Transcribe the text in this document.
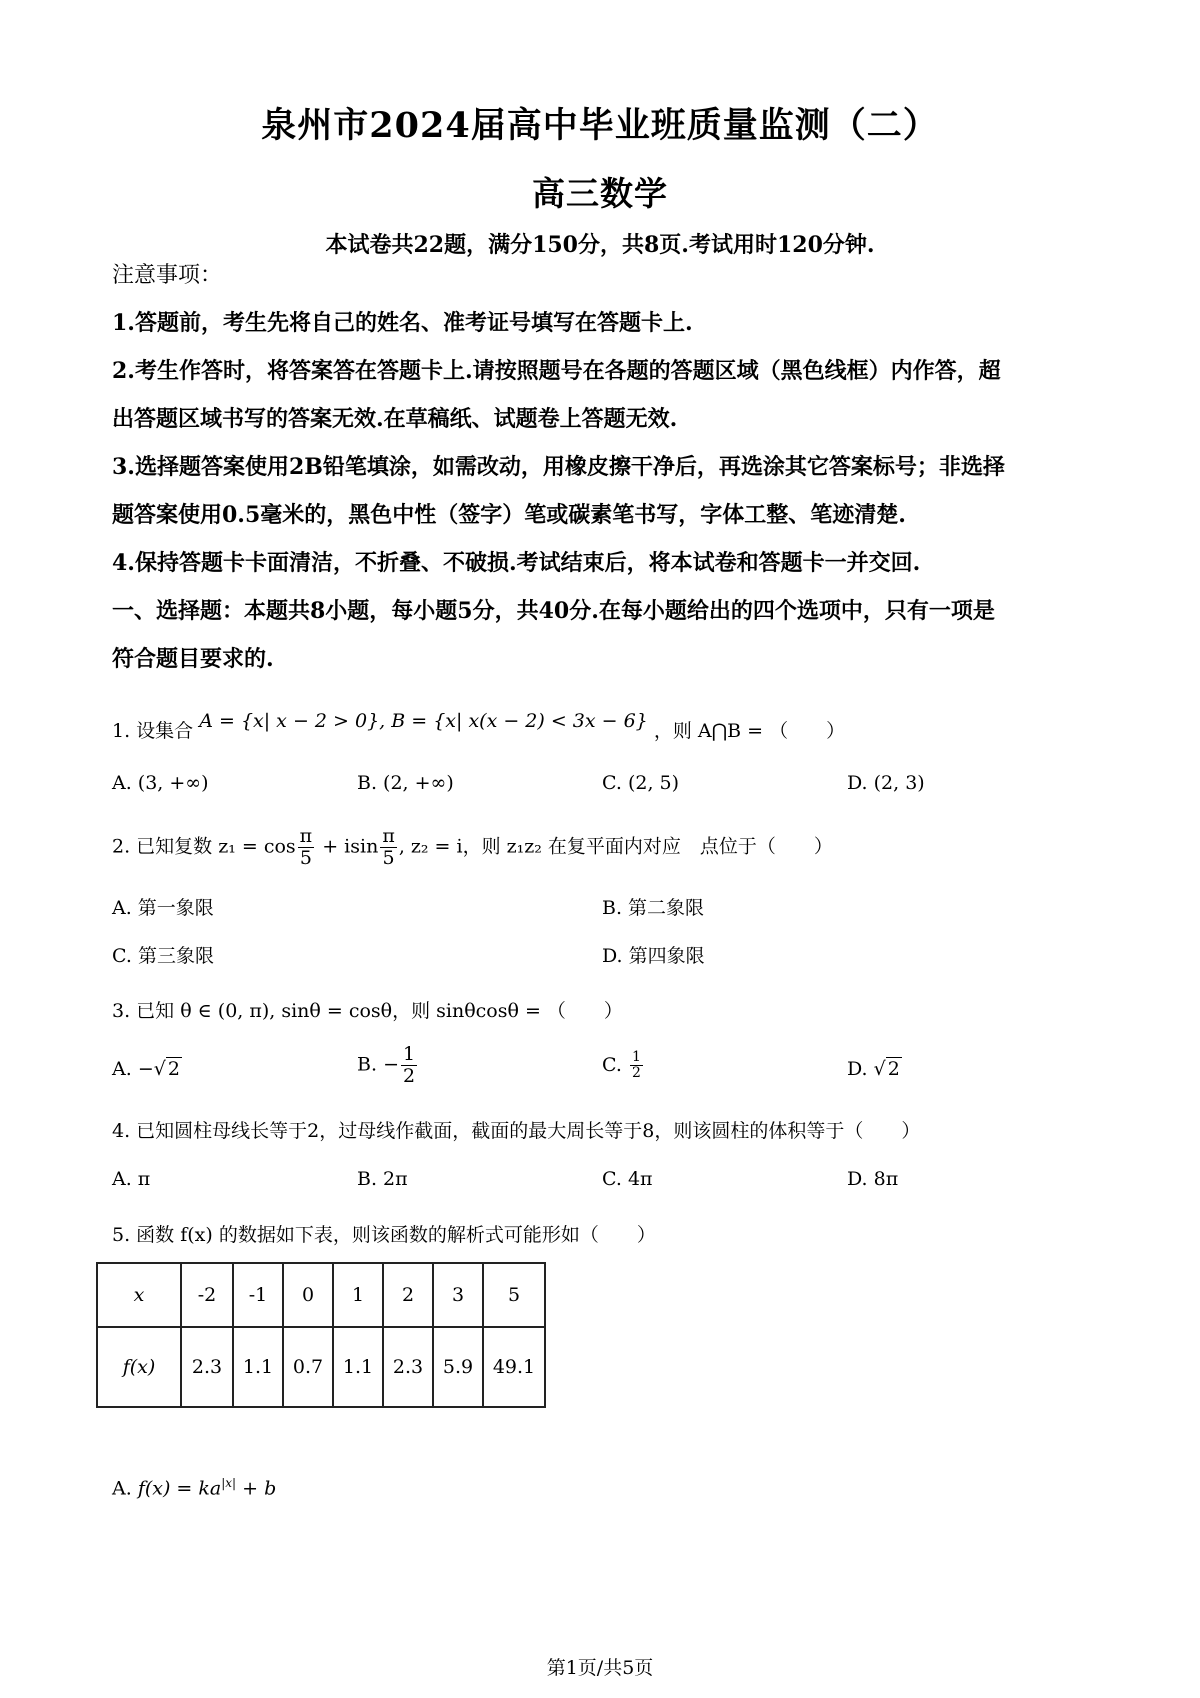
泉州市2024届高中毕业班质量监测（二）
高三数学
本试卷共22题，满分150分，共8页.考试用时120分钟.
注意事项：
1.答题前，考生先将自己的姓名、准考证号填写在答题卡上.
2.考生作答时，将答案答在答题卡上.请按照题号在各题的答题区域（黑色线框）内作答，超
出答题区域书写的答案无效.在草稿纸、试题卷上答题无效.
3.选择题答案使用2B铅笔填涂，如需改动，用橡皮擦干净后，再选涂其它答案标号；非选择
题答案使用0.5毫米的，黑色中性（签字）笔或碳素笔书写，字体工整、笔迹清楚.
4.保持答题卡卡面清洁，不折叠、不破损.考试结束后，将本试卷和答题卡一并交回.
一、选择题：本题共8小题，每小题5分，共40分.在每小题给出的四个选项中，只有一项是
符合题目要求的.
1. 设集合 A = {x| x − 2 > 0}, B = {x| x(x − 2) < 3x − 6} ，则 A⋂B = （　　）
A. (3, +∞)	B. (2, +∞)	C. (2, 5)	D. (2, 3)
2. 已知复数 $z_1 = \cos \frac{\pi}{5} + isin \frac{\pi}{5}$ , z₂ = i，则 z₁z₂ 在复平面内对应　点位于（　　）
A. 第一象限	B. 第二象限
C. 第三象限	D. 第四象限
3. 已知 θ ∈ (0, π), sinθ = cosθ，则 sinθcosθ = （　　）
A. −√ 2	B. − $\frac{1}{2}$	C. $\frac{1}{2}$	D. √ 2
4. 已知圆柱母线长等于2，过母线作截面，截面的最大周长等于8，则该圆柱的体积等于（　　）
A. π	B. 2π	C. 4π	D. 8π
5. 函数 f(x) 的数据如下表，则该函数的解析式可能形如（　　）
x	-2	-1	0	1	2	3	5
f(x)	2.3	1.1	0.7	1.1	2.3	5.9	49.1
A. $f(x) = ka^{|x|} + b$
第1页/共5页
